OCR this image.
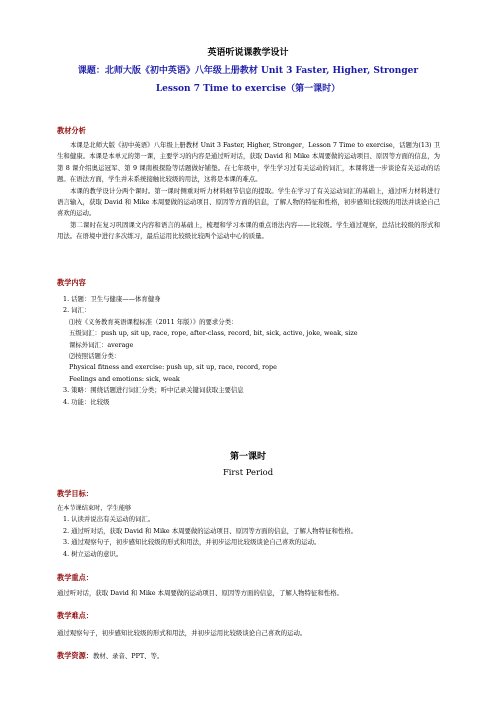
英语听说课教学设计
课题：北师大版《初中英语》八年级上册教材 Unit 3 Faster, Higher, Stronger
Lesson 7 Time to exercise（第一课时）
教材分析

本课是北师大版《初中英语》八年级上册教材 Unit 3 Faster, Higher, Stronger，Lesson 7 Time to exercise，话题为(13) 卫生和健康。本课是本单元的第一课，主要学习的内容是通过听对话，获取 David 和 Mike 本周要做的运动项目、原因等方面的信息，为第 8 课介绍奥运冠军、第 9 课南极探险等话题做好铺垫。在七年级中，学生学习过有关运动的词汇，本课将进一步谈论有关运动的话题。在语法方面，学生并未系统接触比较级的用法，这将是本课的难点。

本课的教学设计分两个课时。第一课时侧重对听力材料细节信息的提取。学生在学习了有关运动词汇的基础上，通过听力材料进行语言输入，获取 David 和 Mike 本周要做的运动项目、原因等方面的信息，了解人物的特征和性格，初步感知比较级的用法并谈论自己喜欢的运动。

第二课时在复习巩固课文内容和语言的基础上，梳理和学习本课的重点语法内容——比较级。学生通过观察，总结比较级的形式和用法。在语境中进行多次练习，最后运用比较级比较两个运动中心的质量。

教学内容
1. 话题：卫生与健康——体育健身
2. 词汇：
⑴按《义务教育英语课程标准（2011 年版）》的要求分类：
五级词汇：push up, sit up, race, rope, after-class, record, bit, sick, active, joke, weak, size
课标外词汇：average
⑵按照话题分类：
Physical fitness and exercise: push up, sit up, race, record, rope
Feelings and emotions: sick, weak
3. 策略：围绕话题进行词汇分类；听中记录关键词获取主要信息
4. 功能：比较级
第一课时
First Period
教学目标：
在本节课结束时，学生能够
1. 认读并说出有关运动的词汇。
2. 通过听对话，获取 David 和 Mike 本周要做的运动项目、原因等方面的信息，了解人物特征和性格。
3. 通过观察句子，初步感知比较级的形式和用法，并初步运用比较级谈论自己喜欢的运动。
4. 树立运动的意识。
教学重点：
通过听对话，获取 David 和 Mike 本周要做的运动项目、原因等方面的信息，了解人物特征和性格。
教学难点：
通过观察句子，初步感知比较级的形式和用法，并初步运用比较级谈论自己喜欢的运动。
教学资源：教材、录音、PPT、等。
